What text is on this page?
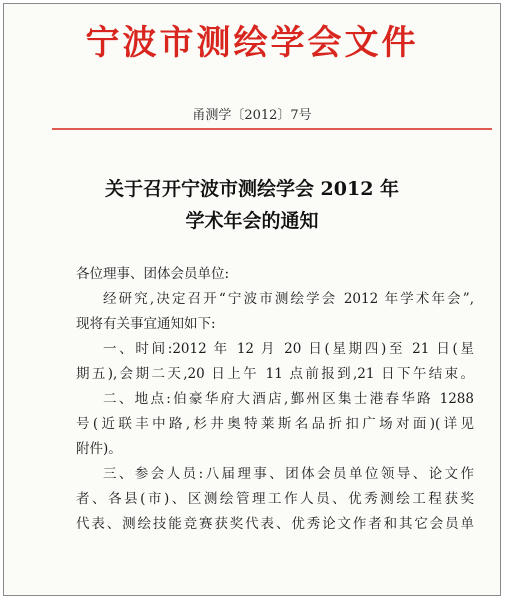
宁波市测绘学会文件
甬测学〔2012〕7号
关于召开宁波市测绘学会 2012 年
学术年会的通知
各位理事、团体会员单位:
经研究,决定召开“宁波市测绘学会 2012 年学术年会”,
现将有关事宜通知如下:
一、时间:2012 年 12 月 20 日(星期四)至 21 日(星
期五),会期二天,20 日上午 11 点前报到,21 日下午结束。
二、地点:伯豪华府大酒店,鄞州区集士港春华路 1288
号(近联丰中路,杉井奥特莱斯名品折扣广场对面)(详见
附件)。
三、参会人员:八届理事、团体会员单位领导、论文作
者、各县(市)、区测绘管理工作人员、优秀测绘工程获奖
代表、测绘技能竞赛获奖代表、优秀论文作者和其它会员单
